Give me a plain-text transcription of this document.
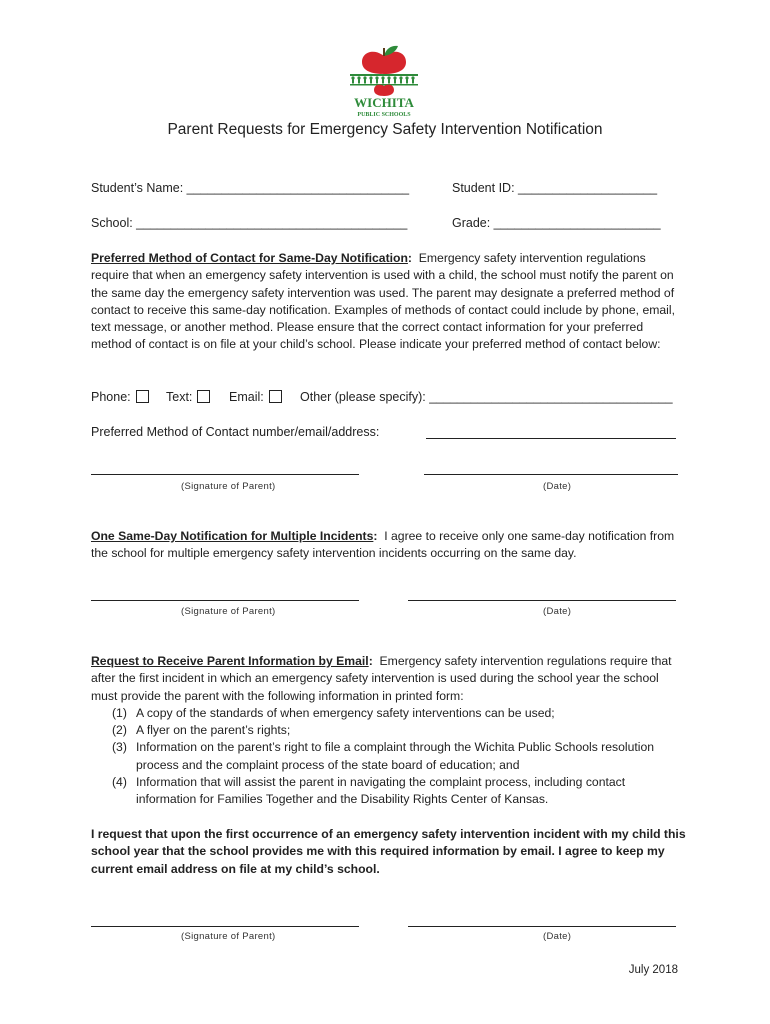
WICHITA
PUBLIC SCHOOLS
Parent Requests for Emergency Safety Intervention Notification
Student’s Name: ________________________________	Student ID: ____________________
School: _______________________________________	Grade: ________________________
Preferred Method of Contact for Same-Day Notification: Emergency safety intervention regulations require that when an emergency safety intervention is used with a child, the school must notify the parent on the same day the emergency safety intervention was used. The parent may designate a preferred method of contact to receive this same-day notification. Examples of methods of contact could include by phone, email, text message, or another method. Please ensure that the correct contact information for your preferred method of contact is on file at your child’s school. Please indicate your preferred method of contact below:
Phone:	Text:	Email:	Other (please specify): ___________________________________
Preferred Method of Contact number/email/address:
(Signature of Parent)	(Date)
One Same-Day Notification for Multiple Incidents: I agree to receive only one same-day notification from the school for multiple emergency safety intervention incidents occurring on the same day.
(Signature of Parent)	(Date)
Request to Receive Parent Information by Email: Emergency safety intervention regulations require that after the first incident in which an emergency safety intervention is used during the school year the school must provide the parent with the following information in printed form:
(1) A copy of the standards of when emergency safety interventions can be used;
(2) A flyer on the parent’s rights;
(3) Information on the parent’s right to file a complaint through the Wichita Public Schools resolution process and the complaint process of the state board of education; and
(4) Information that will assist the parent in navigating the complaint process, including contact information for Families Together and the Disability Rights Center of Kansas.
I request that upon the first occurrence of an emergency safety intervention incident with my child this school year that the school provides me with this required information by email. I agree to keep my current email address on file at my child’s school.
(Signature of Parent)	(Date)
July 2018
